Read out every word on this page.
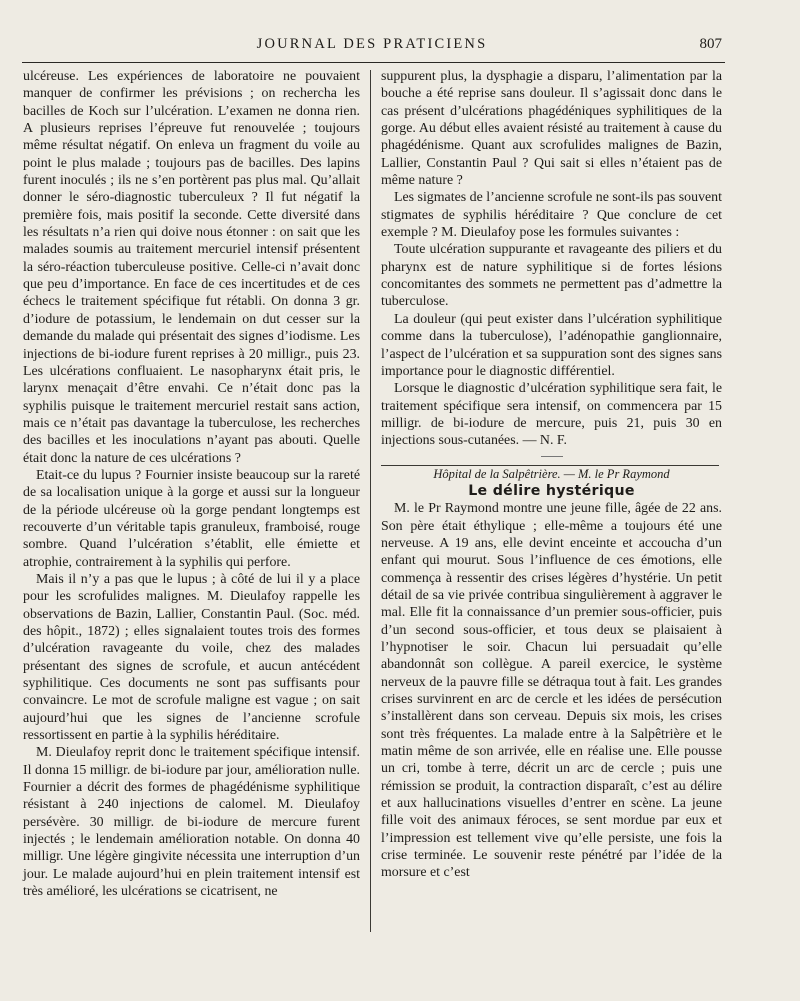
JOURNAL DES PRATICIENS	807

ulcéreuse. Les expériences de laboratoire ne pouvaient manquer de confirmer les prévisions ; on rechercha les bacilles de Koch sur l’ulcération. L’examen ne donna rien. A plusieurs reprises l’épreuve fut renouvelée ; toujours même résultat négatif. On enleva un fragment du voile au point le plus malade ; toujours pas de bacilles. Des lapins furent inoculés ; ils ne s’en portèrent pas plus mal. Qu’allait donner le séro-diagnostic tuberculeux ? Il fut négatif la première fois, mais positif la seconde. Cette diversité dans les résultats n’a rien qui doive nous étonner : on sait que les malades soumis au traitement mercuriel intensif présentent la séro-réaction tuberculeuse positive. Celle-ci n’avait donc que peu d’importance. En face de ces incertitudes et de ces échecs le traitement spécifique fut rétabli. On donna 3 gr. d’iodure de potassium, le lendemain on dut cesser sur la demande du malade qui présentait des signes d’iodisme. Les injections de bi-iodure furent reprises à 20 milligr., puis 23. Les ulcérations confluaient. Le nasopharynx était pris, le larynx menaçait d’être envahi. Ce n’était donc pas la syphilis puisque le traitement mercuriel restait sans action, mais ce n’était pas davantage la tuberculose, les recherches des bacilles et les inoculations n’ayant pas abouti. Quelle était donc la nature de ces ulcérations ?

Etait-ce du lupus ? Fournier insiste beaucoup sur la rareté de sa localisation unique à la gorge et aussi sur la longueur de la période ulcéreuse où la gorge pendant longtemps est recouverte d’un véritable tapis granuleux, framboisé, rouge sombre. Quand l’ulcération s’établit, elle émiette et atrophie, contrairement à la syphilis qui perfore.

Mais il n’y a pas que le lupus ; à côté de lui il y a place pour les scrofulides malignes. M. Dieulafoy rappelle les observations de Bazin, Lallier, Constantin Paul. (Soc. méd. des hôpit., 1872) ; elles signalaient toutes trois des formes d’ulcération ravageante du voile, chez des malades présentant des signes de scrofule, et aucun antécédent syphilitique. Ces documents ne sont pas suffisants pour convaincre. Le mot de scrofule maligne est vague ; on sait aujourd’hui que les signes de l’ancienne scrofule ressortissent en partie à la syphilis héréditaire.

M. Dieulafoy reprit donc le traitement spécifique intensif. Il donna 15 milligr. de bi-iodure par jour, amélioration nulle. Fournier a décrit des formes de phagédénisme syphilitique résistant à 240 injections de calomel. M. Dieulafoy persévère. 30 milligr. de bi-iodure de mercure furent injectés ; le lendemain amélioration notable. On donna 40 milligr. Une légère gingivite nécessita une interruption d’un jour. Le malade aujourd’hui en plein traitement intensif est très amélioré, les ulcérations se cicatrisent, ne

suppurent plus, la dysphagie a disparu, l’alimentation par la bouche a été reprise sans douleur. Il s’agissait donc dans le cas présent d’ulcérations phagédéniques syphilitiques de la gorge. Au début elles avaient résisté au traitement à cause du phagédénisme. Quant aux scrofulides malignes de Bazin, Lallier, Constantin Paul ? Qui sait si elles n’étaient pas de même nature ?

Les sigmates de l’ancienne scrofule ne sont-ils pas souvent stigmates de syphilis héréditaire ? Que conclure de cet exemple ? M. Dieulafoy pose les formules suivantes :

Toute ulcération suppurante et ravageante des piliers et du pharynx est de nature syphilitique si de fortes lésions concomitantes des sommets ne permettent pas d’admettre la tuberculose.

La douleur (qui peut exister dans l’ulcération syphilitique comme dans la tuberculose), l’adénopathie ganglionnaire, l’aspect de l’ulcération et sa suppuration sont des signes sans importance pour le diagnostic différentiel.

Lorsque le diagnostic d’ulcération syphilitique sera fait, le traitement spécifique sera intensif, on commencera par 15 milligr. de bi-iodure de mercure, puis 21, puis 30 en injections sous-cutanées. — N. F.

Hôpital de la Salpêtrière. — M. le Pr Raymond

Le délire hystérique

M. le Pr Raymond montre une jeune fille, âgée de 22 ans. Son père était éthylique ; elle-même a toujours été une nerveuse. A 19 ans, elle devint enceinte et accoucha d’un enfant qui mourut. Sous l’influence de ces émotions, elle commença à ressentir des crises légères d’hystérie. Un petit détail de sa vie privée contribua singulièrement à aggraver le mal. Elle fit la connaissance d’un premier sous-officier, puis d’un second sous-officier, et tous deux se plaisaient à l’hypnotiser le soir. Chacun lui persuadait qu’elle abandonnât son collègue. A pareil exercice, le système nerveux de la pauvre fille se détraqua tout à fait. Les grandes crises survinrent en arc de cercle et les idées de persécution s’installèrent dans son cerveau. Depuis six mois, les crises sont très fréquentes. La malade entre à la Salpêtrière et le matin même de son arrivée, elle en réalise une. Elle pousse un cri, tombe à terre, décrit un arc de cercle ; puis une rémission se produit, la contraction disparaît, c’est au délire et aux hallucinations visuelles d’entrer en scène. La jeune fille voit des animaux féroces, se sent mordue par eux et l’impression est tellement vive qu’elle persiste, une fois la crise terminée. Le souvenir reste pénétré par l’idée de la morsure et c’est
